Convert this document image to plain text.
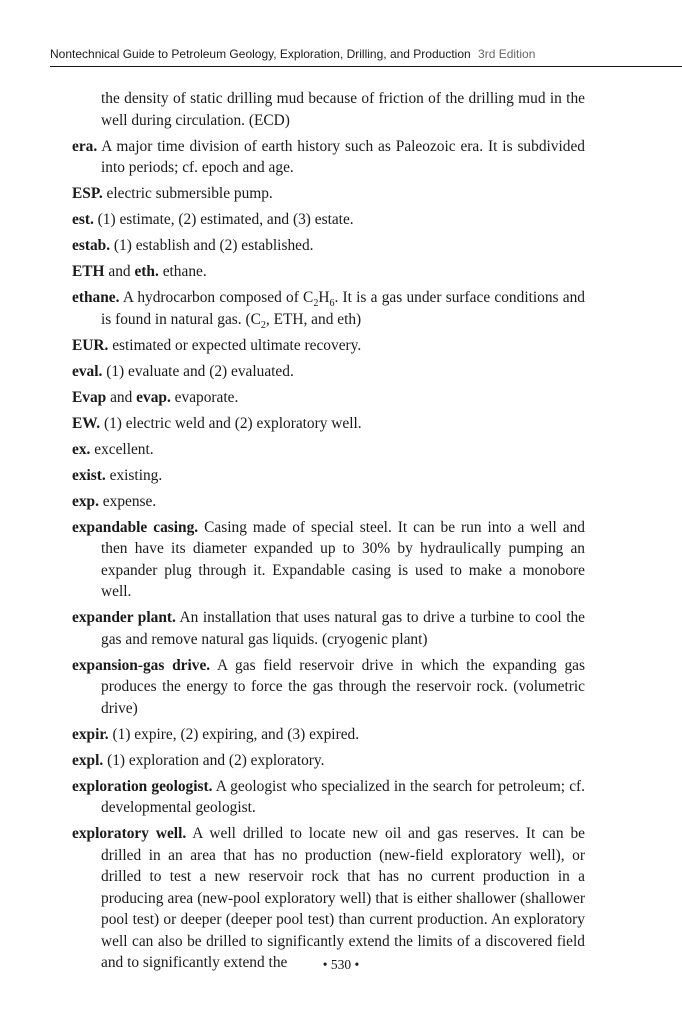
Nontechnical Guide to Petroleum Geology, Exploration, Drilling, and Production 3rd Edition

the density of static drilling mud because of friction of the drilling mud in the well during circulation. (ECD)

era. A major time division of earth history such as Paleozoic era. It is subdivided into periods; cf. epoch and age.

ESP. electric submersible pump.

est. (1) estimate, (2) estimated, and (3) estate.

estab. (1) establish and (2) established.

ETH and eth. ethane.

ethane. A hydrocarbon composed of $C_2H_6$. It is a gas under surface conditions and is found in natural gas. ($C_2$, ETH, and eth)

EUR. estimated or expected ultimate recovery.

eval. (1) evaluate and (2) evaluated.

Evap and evap. evaporate.

EW. (1) electric weld and (2) exploratory well.

ex. excellent.

exist. existing.

exp. expense.

expandable casing. Casing made of special steel. It can be run into a well and then have its diameter expanded up to 30% by hydraulically pumping an expander plug through it. Expandable casing is used to make a monobore well.

expander plant. An installation that uses natural gas to drive a turbine to cool the gas and remove natural gas liquids. (cryogenic plant)

expansion-gas drive. A gas field reservoir drive in which the expanding gas produces the energy to force the gas through the reservoir rock. (volumetric drive)

expir. (1) expire, (2) expiring, and (3) expired.

expl. (1) exploration and (2) exploratory.

exploration geologist. A geologist who specialized in the search for petroleum; cf. developmental geologist.

exploratory well. A well drilled to locate new oil and gas reserves. It can be drilled in an area that has no production (new-field exploratory well), or drilled to test a new reservoir rock that has no current production in a producing area (new-pool exploratory well) that is either shallower (shallower pool test) or deeper (deeper pool test) than current production. An exploratory well can also be drilled to significantly extend the limits of a discovered field and to significantly extend the	• 530 •
